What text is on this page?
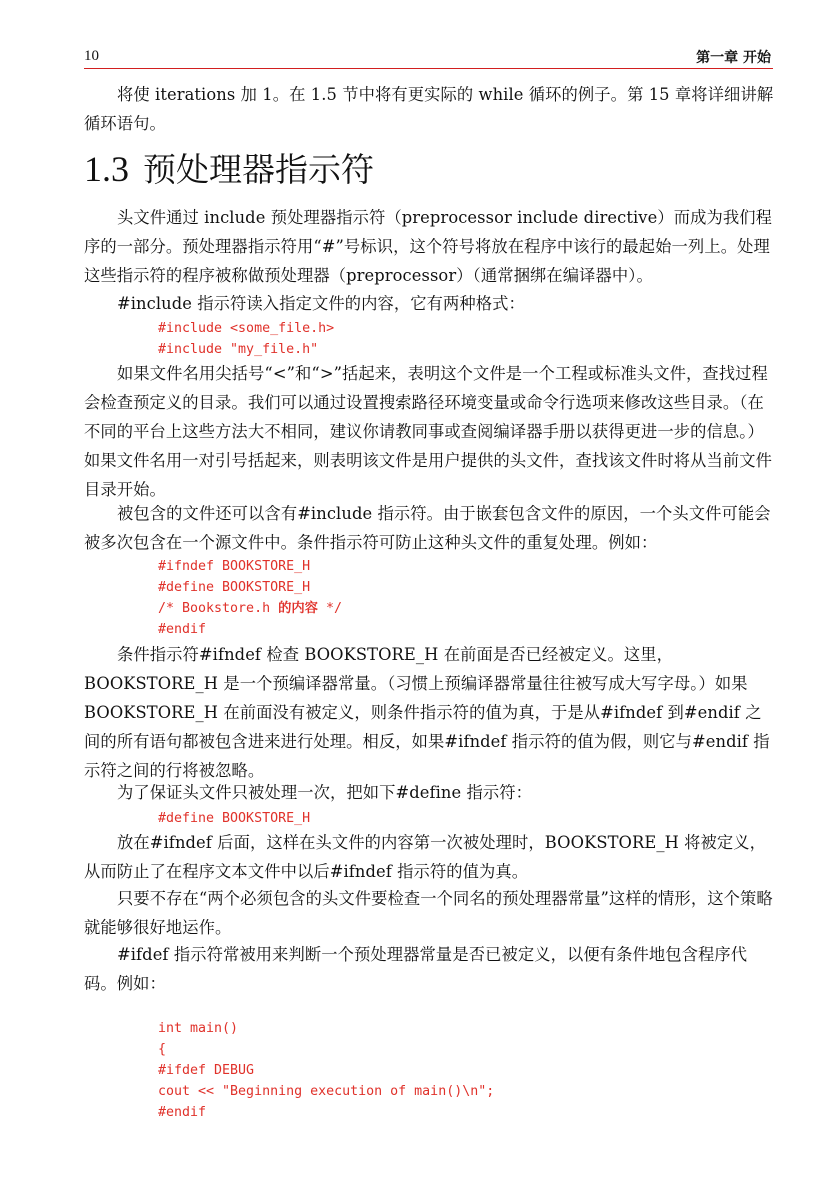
10	第一章 开始

将使 iterations 加 1。在 1.5 节中将有更实际的 while 循环的例子。第 15 章将详细讲解循环语句。

1.3 预处理器指示符

头文件通过 include 预处理器指示符（preprocessor include directive）而成为我们程序的一部分。预处理器指示符用“#”号标识，这个符号将放在程序中该行的最起始一列上。处理这些指示符的程序被称做预处理器（preprocessor）（通常捆绑在编译器中）。

#include 指示符读入指定文件的内容，它有两种格式：

#include <some_file.h>
#include "my_file.h"

如果文件名用尖括号“<”和“>”括起来，表明这个文件是一个工程或标准头文件，查找过程会检查预定义的目录。我们可以通过设置搜索路径环境变量或命令行选项来修改这些目录。（在不同的平台上这些方法大不相同，建议你请教同事或查阅编译器手册以获得更进一步的信息。）如果文件名用一对引号括起来，则表明该文件是用户提供的头文件，查找该文件时将从当前文件目录开始。

被包含的文件还可以含有#include 指示符。由于嵌套包含文件的原因，一个头文件可能会被多次包含在一个源文件中。条件指示符可防止这种头文件的重复处理。例如：

#ifndef BOOKSTORE_H
#define BOOKSTORE_H
/* Bookstore.h 的内容 */
#endif

条件指示符#ifndef 检查 BOOKSTORE_H 在前面是否已经被定义。这里，BOOKSTORE_H 是一个预编译器常量。（习惯上预编译器常量往往被写成大写字母。）如果 BOOKSTORE_H 在前面没有被定义，则条件指示符的值为真，于是从#ifndef 到#endif 之间的所有语句都被包含进来进行处理。相反，如果#ifndef 指示符的值为假，则它与#endif 指示符之间的行将被忽略。

为了保证头文件只被处理一次，把如下#define 指示符：

#define BOOKSTORE_H

放在#ifndef 后面，这样在头文件的内容第一次被处理时，BOOKSTORE_H 将被定义，从而防止了在程序文本文件中以后#ifndef 指示符的值为真。

只要不存在“两个必须包含的头文件要检查一个同名的预处理器常量”这样的情形，这个策略就能够很好地运作。

#ifdef 指示符常被用来判断一个预处理器常量是否已被定义，以便有条件地包含程序代码。例如：

int main()
{
#ifdef DEBUG
cout << "Beginning execution of main()\n";
#endif
